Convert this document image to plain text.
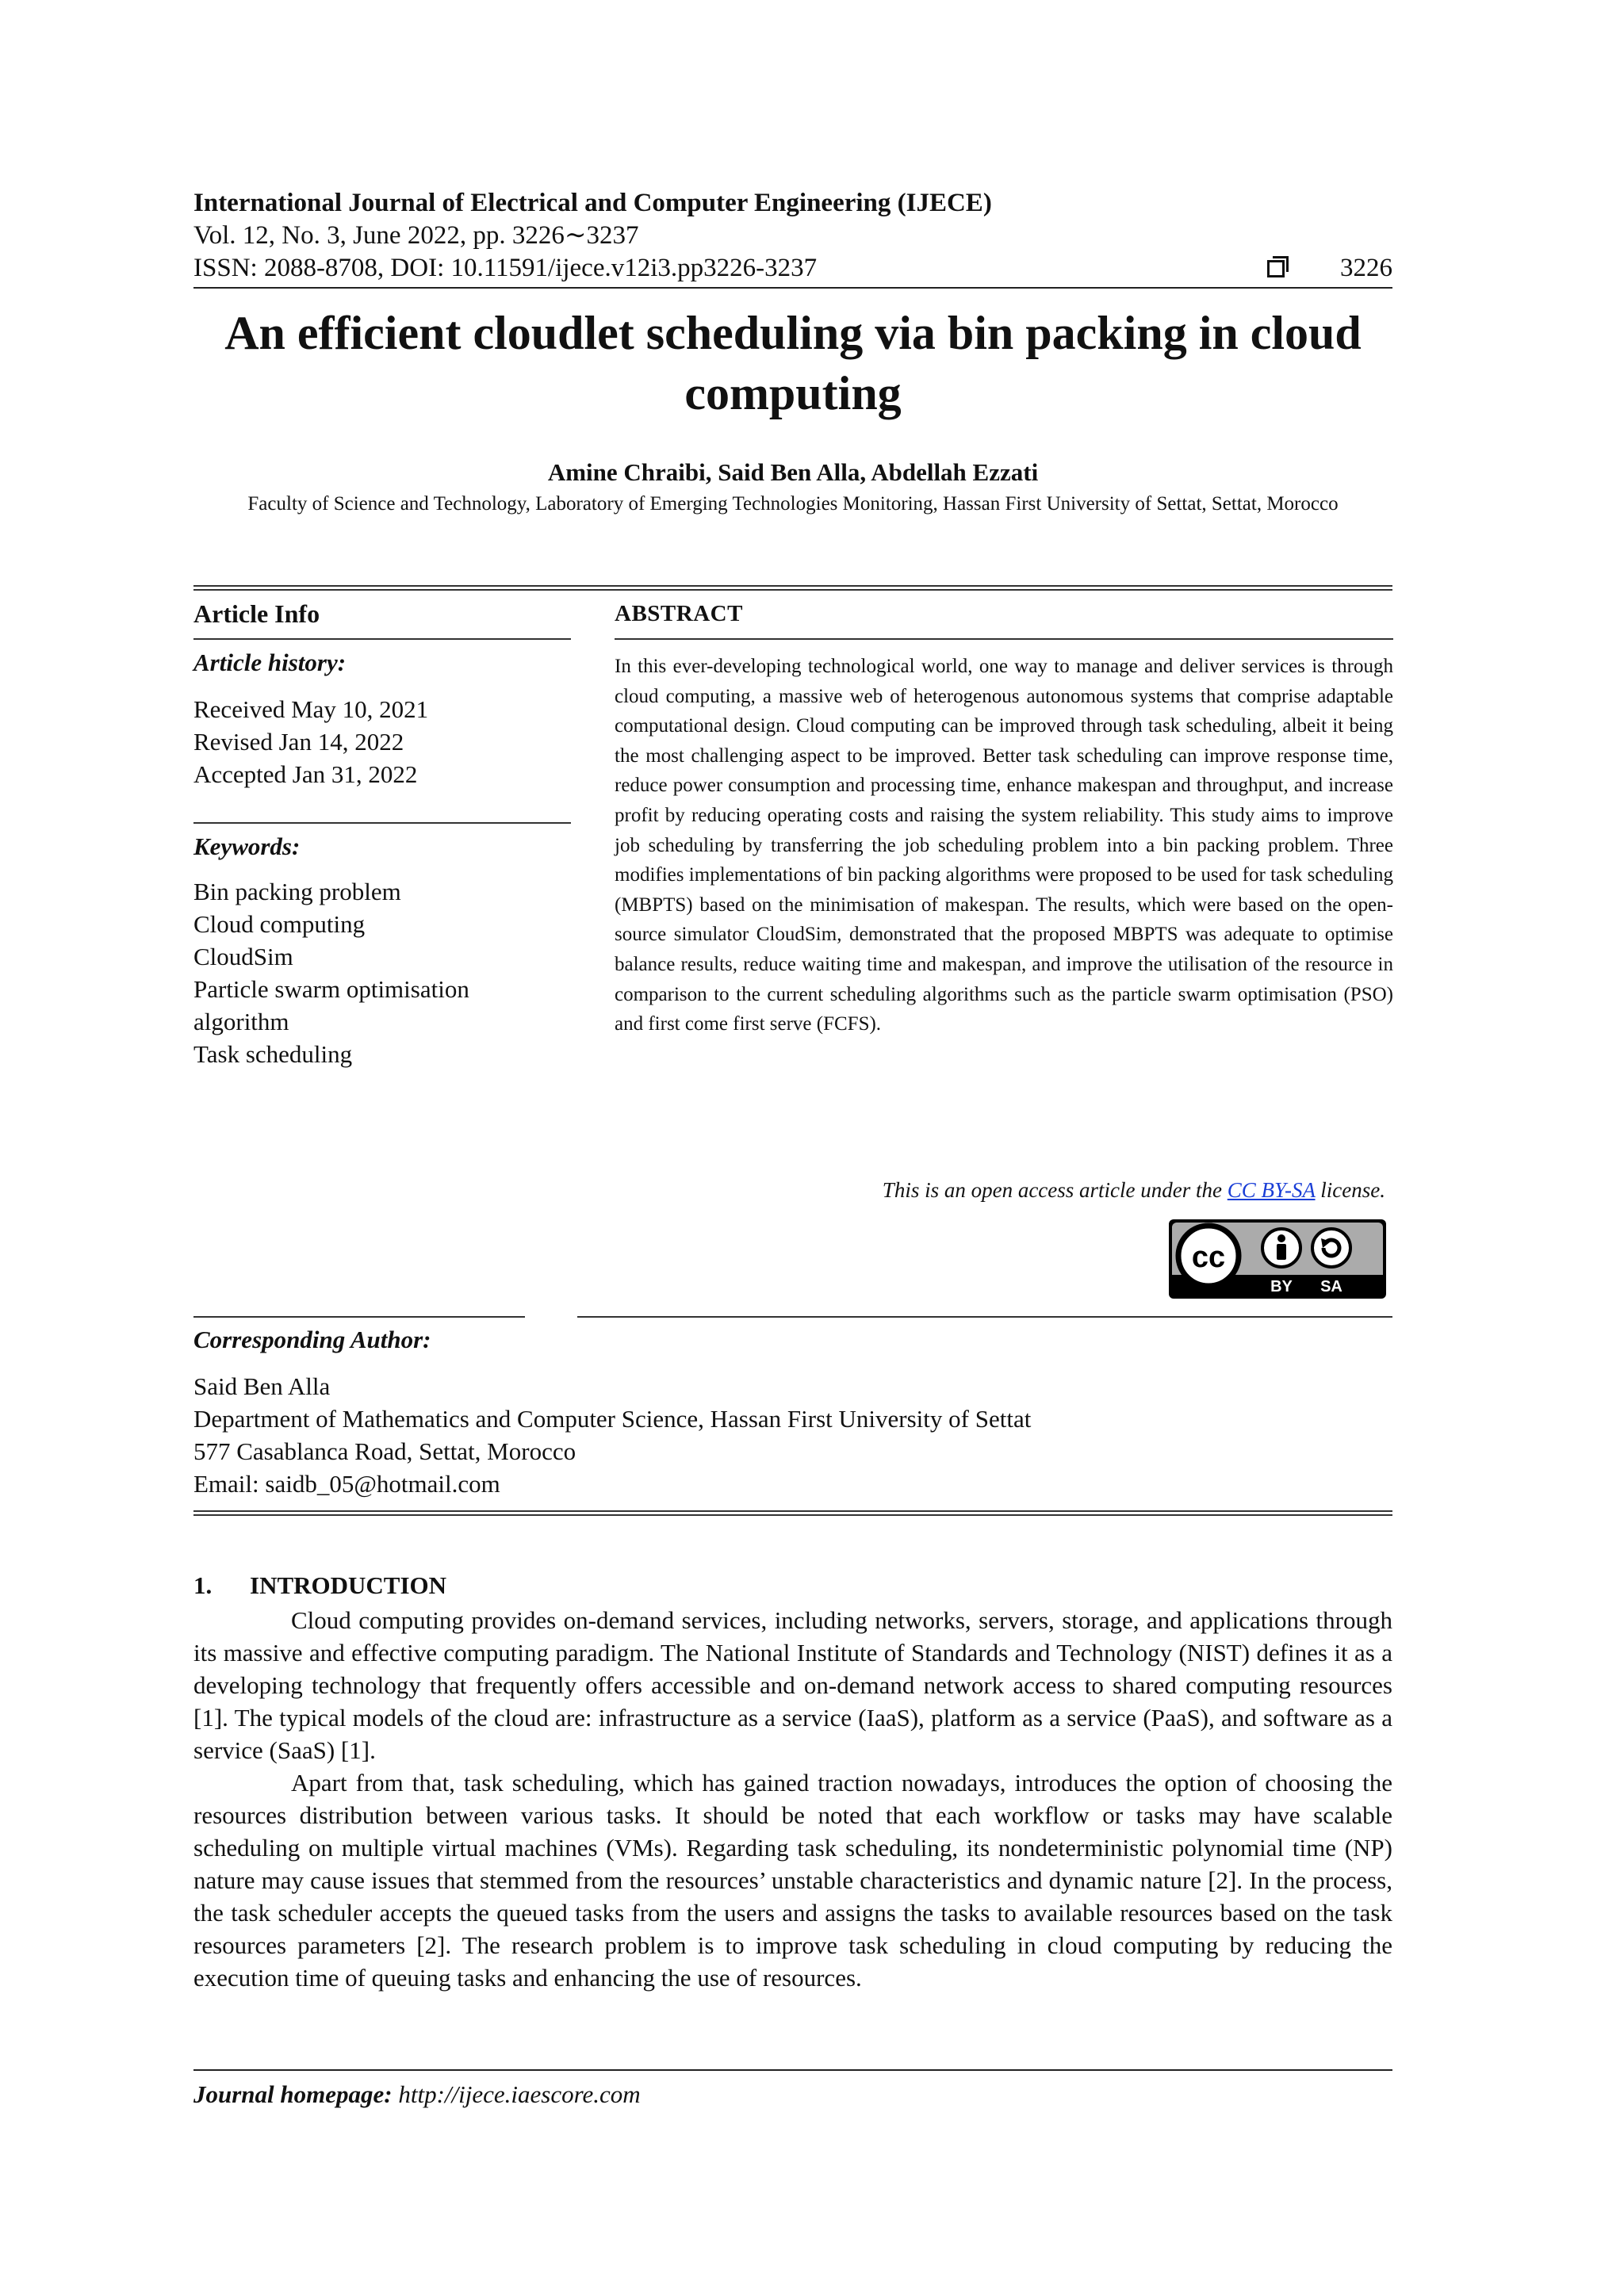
International Journal of Electrical and Computer Engineering (IJECE)
Vol. 12, No. 3, June 2022, pp. 3226∼3237
ISSN: 2088-8708, DOI: 10.11591/ijece.v12i3.pp3226-3237	3226
An efficient cloudlet scheduling via bin packing in cloud computing
Amine Chraibi, Said Ben Alla, Abdellah Ezzati
Faculty of Science and Technology, Laboratory of Emerging Technologies Monitoring, Hassan First University of Settat, Settat, Morocco
Article Info
Article history:
Received May 10, 2021
Revised Jan 14, 2022
Accepted Jan 31, 2022
Keywords:
Bin packing problem
Cloud computing
CloudSim
Particle swarm optimisation
algorithm
Task scheduling
ABSTRACT
In this ever-developing technological world, one way to manage and deliver services is through cloud computing, a massive web of heterogenous autonomous systems that comprise adaptable computational design. Cloud computing can be improved through task scheduling, albeit it being the most challenging aspect to be improved. Better task scheduling can improve response time, reduce power consumption and processing time, enhance makespan and throughput, and increase profit by reducing operating costs and raising the system reliability. This study aims to improve job scheduling by transferring the job scheduling problem into a bin packing problem. Three modifies implementations of bin packing algorithms were proposed to be used for task scheduling (MBPTS) based on the minimisation of makespan. The results, which were based on the open-source simulator CloudSim, demonstrated that the proposed MBPTS was adequate to optimise balance results, reduce waiting time and makespan, and improve the utilisation of the resource in comparison to the current scheduling algorithms such as the particle swarm optimisation (PSO) and first come first serve (FCFS).
This is an open access article under the CC BY-SA license.
cc
BY SA
Corresponding Author:
Said Ben Alla
Department of Mathematics and Computer Science, Hassan First University of Settat
577 Casablanca Road, Settat, Morocco
Email: saidb_05@hotmail.com
1. INTRODUCTION

Cloud computing provides on-demand services, including networks, servers, storage, and applications through its massive and effective computing paradigm. The National Institute of Standards and Technology (NIST) defines it as a developing technology that frequently offers accessible and on-demand network access to shared computing resources [1]. The typical models of the cloud are: infrastructure as a service (IaaS), platform as a service (PaaS), and software as a service (SaaS) [1].

Apart from that, task scheduling, which has gained traction nowadays, introduces the option of choosing the resources distribution between various tasks. It should be noted that each workflow or tasks may have scalable scheduling on multiple virtual machines (VMs). Regarding task scheduling, its nondeterministic polynomial time (NP) nature may cause issues that stemmed from the resources’ unstable characteristics and dynamic nature [2]. In the process, the task scheduler accepts the queued tasks from the users and assigns the tasks to available resources based on the task resources parameters [2]. The research problem is to improve task scheduling in cloud computing by reducing the execution time of queuing tasks and enhancing the use of resources.

Journal homepage: http://ijece.iaescore.com
